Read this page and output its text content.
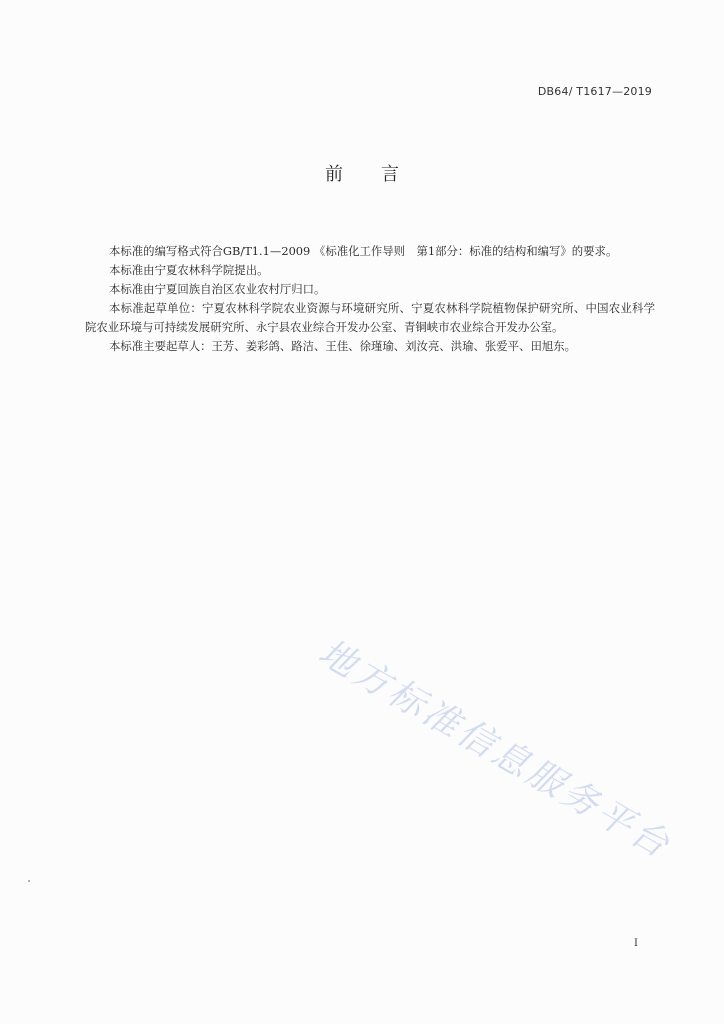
DB64/ T1617—2019
前言

本标准的编写格式符合GB/T1.1—2009 《标准化工作导则　第1部分：标准的结构和编写》的要求。

本标准由宁夏农林科学院提出。

本标准由宁夏回族自治区农业农村厅归口。

本标准起草单位：宁夏农林科学院农业资源与环境研究所、宁夏农林科学院植物保护研究所、中国农业科学院农业环境与可持续发展研究所、永宁县农业综合开发办公室、青铜峡市农业综合开发办公室。

本标准主要起草人：王芳、姜彩鸽、路洁、王佳、徐瑾瑜、刘汝亮、洪瑜、张爱平、田旭东。

地方标准信息服务平台
I
